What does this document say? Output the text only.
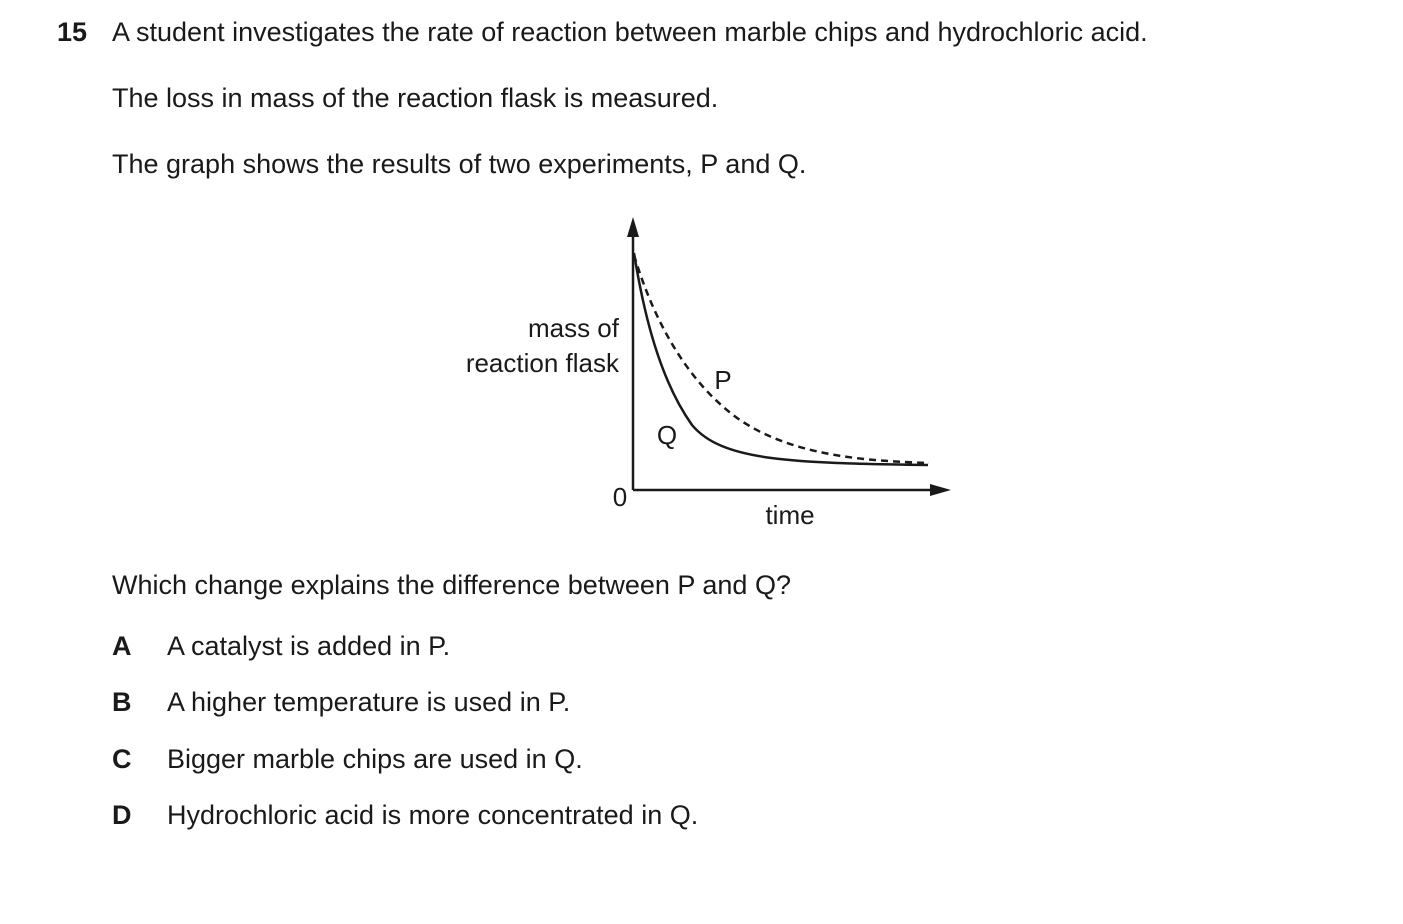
15 A student investigates the rate of reaction between marble chips and hydrochloric acid.
The loss in mass of the reaction flask is measured.
The graph shows the results of two experiments, P and Q.
mass of
reaction flask
0
time
P
Q
Which change explains the difference between P and Q?
A A catalyst is added in P.
B A higher temperature is used in P.
C Bigger marble chips are used in Q.
D Hydrochloric acid is more concentrated in Q.
